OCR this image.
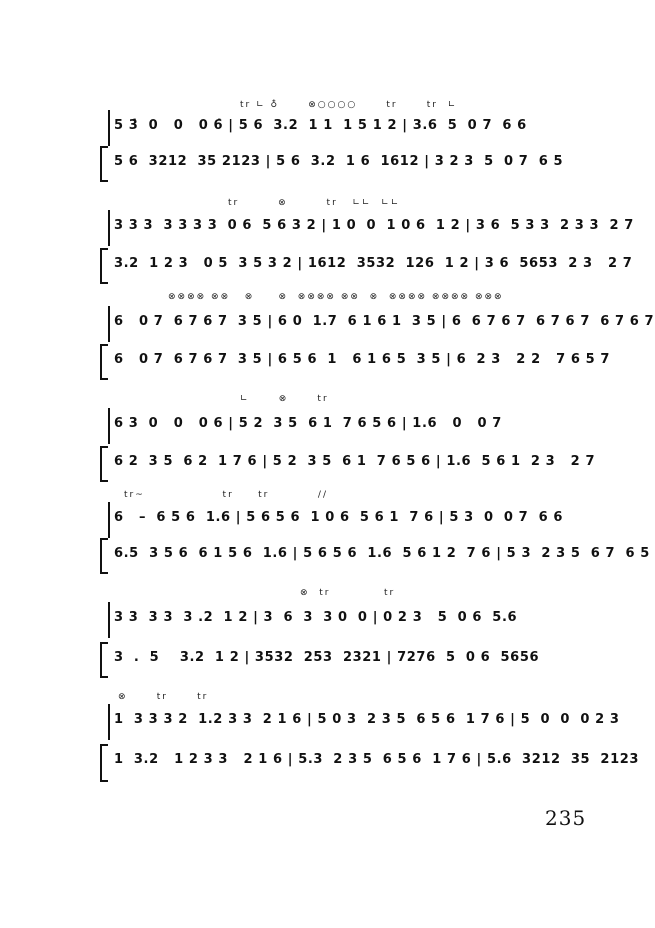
tr ∟ ♁      ⊗○○○○      tr      tr  ∟
5 3̇  0   0   0 6̇ | 5 6  3.2  1 1  1 5 1 2 | 3.6  5  0 7  6 6
5 6  3212  35 2123 | 5 6  3.2  1 6  1612 | 3 2 3  5  0 7  6 5
tr        ⊗        tr   ∟∟  ∟∟
3 3 3  3 3 3 3  0 6  5 6 3 2 | 1 0  0  1 0 6  1 2 | 3 6  5 3 3  2 3 3  2 7
3.2  1 2 3   0 5  3 5 3 2 | 1612  3532  126  1 2 | 3 6  5653  2 3   2 7
⊗⊗⊗⊗ ⊗⊗   ⊗     ⊗  ⊗⊗⊗⊗ ⊗⊗  ⊗  ⊗⊗⊗⊗ ⊗⊗⊗⊗ ⊗⊗⊗
6   0 7  6 7 6 7  3 5 | 6 0  1.7  6 1 6 1  3 5 | 6  6 7 6 7  6 7 6 7  6 7 6 7
6   0 7  6 7 6 7  3 5 | 6 5 6  1   6 1 6 5  3 5 | 6  2 3   2 2   7 6 5 7
∟      ⊗      tr
6 3  0   0   0 6 | 5 2  3 5  6 1  7 6 5 6 | 1.6   0   0 7
6 2  3 5  6 2  1 7 6 | 5 2  3 5  6 1  7 6 5 6 | 1.6  5 6 1  2 3   2 7
tr~                tr     tr          //
6   –  6 5 6  1.6 | 5 6 5 6  1 0 6  5 6 1  7 6 | 5 3  0  0 7  6 6
6.5  3 5 6  6 1 5 6  1.6 | 5 6 5 6  1.6  5 6 1 2  7 6 | 5 3  2 3 5  6 7  6 5
⊗  tr           tr
3 3  3 3  3 .2  1 2 | 3  6  3  3 0  0 | 0 2 3   5  0 6  5.6
3  .  5    3.2  1 2 | 3532  253  2321 | 7276  5  0 6  5656
⊗      tr      tr
1  3 3 3 2  1.2 3 3  2 1 6 | 5 0 3  2 3 5  6 5 6  1 7 6 | 5  0  0  0 2 3
1  3.2   1 2 3 3   2 1 6 | 5.3  2 3 5  6 5 6  1 7 6 | 5.6  3212  35  2123
235
